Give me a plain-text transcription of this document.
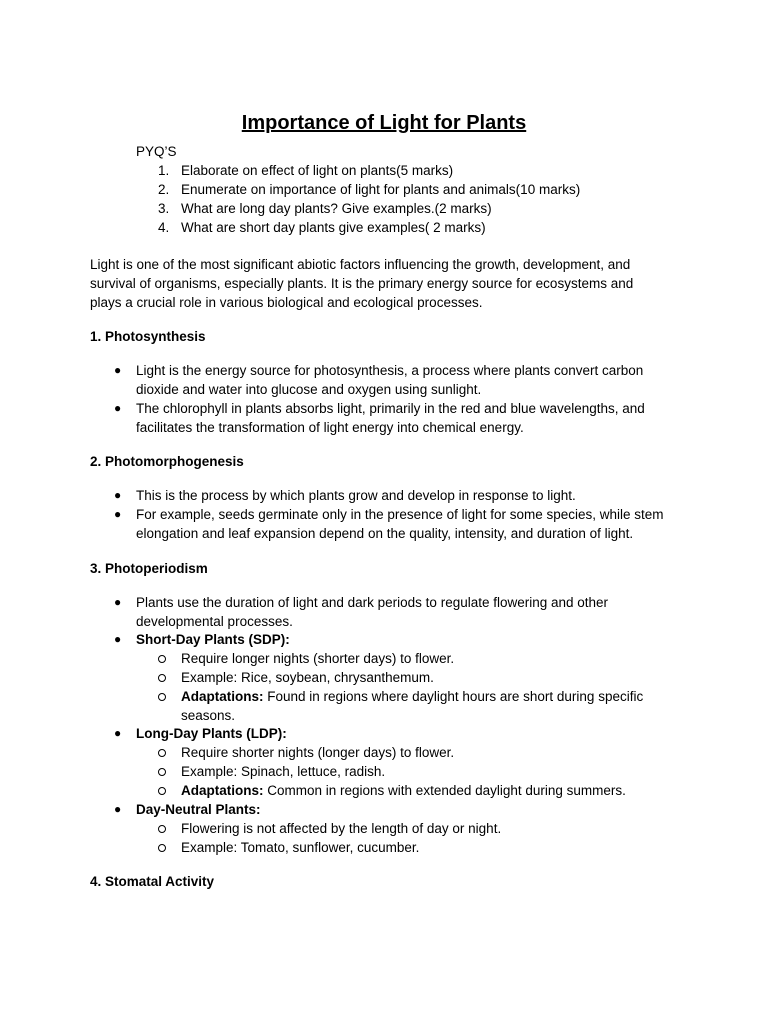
Importance of Light for Plants
PYQ’S
1. Elaborate on effect of light on plants(5 marks)
2. Enumerate on importance of light for plants and animals(10 marks)
3. What are long day plants? Give examples.(2 marks)
4. What are short day plants give examples( 2 marks)
Light is one of the most significant abiotic factors influencing the growth, development, and
survival of organisms, especially plants. It is the primary energy source for ecosystems and
plays a crucial role in various biological and ecological processes.
1. Photosynthesis
● Light is the energy source for photosynthesis, a process where plants convert carbon
dioxide and water into glucose and oxygen using sunlight.
● The chlorophyll in plants absorbs light, primarily in the red and blue wavelengths, and
facilitates the transformation of light energy into chemical energy.
2. Photomorphogenesis
● This is the process by which plants grow and develop in response to light.
● For example, seeds germinate only in the presence of light for some species, while stem
elongation and leaf expansion depend on the quality, intensity, and duration of light.
3. Photoperiodism
● Plants use the duration of light and dark periods to regulate flowering and other
developmental processes.
● Short-Day Plants (SDP):
Require longer nights (shorter days) to flower.
Example: Rice, soybean, chrysanthemum.
Adaptations: Found in regions where daylight hours are short during specific
seasons.
● Long-Day Plants (LDP):
Require shorter nights (longer days) to flower.
Example: Spinach, lettuce, radish.
Adaptations: Common in regions with extended daylight during summers.
● Day-Neutral Plants:
Flowering is not affected by the length of day or night.
Example: Tomato, sunflower, cucumber.
4. Stomatal Activity
